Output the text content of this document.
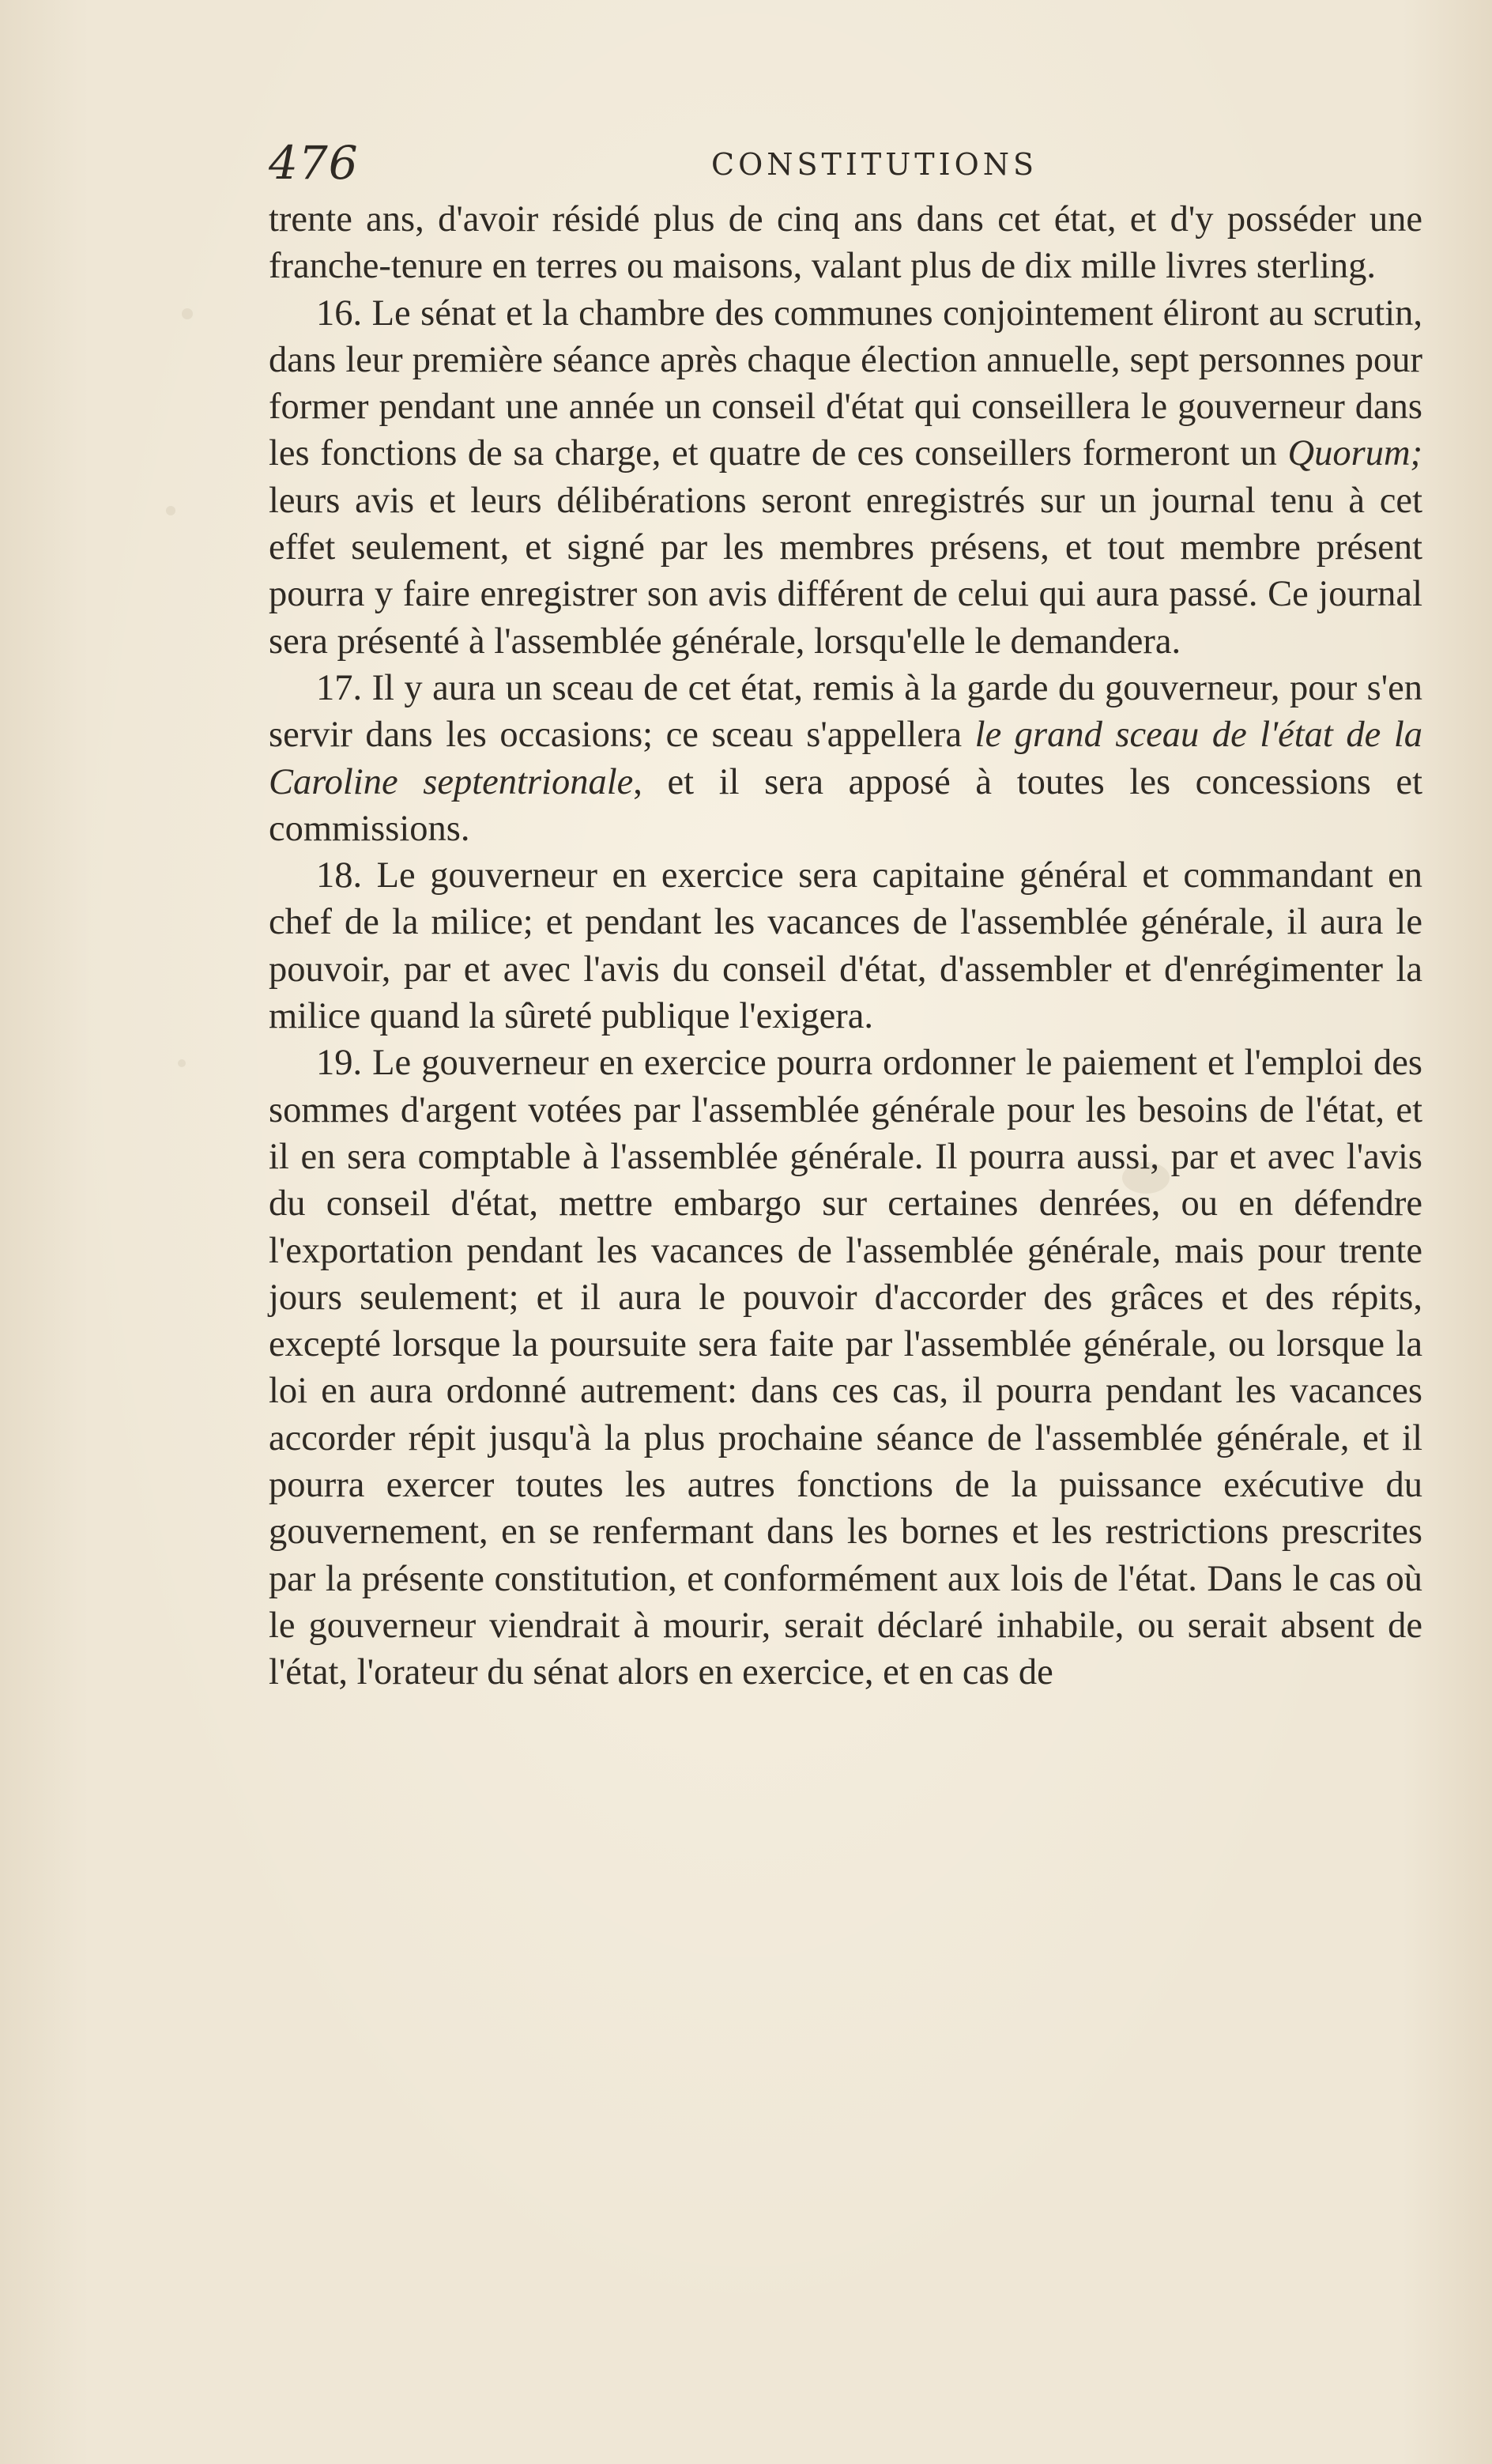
476	CONSTITUTIONS

trente ans, d'avoir résidé plus de cinq ans dans cet état, et d'y posséder une franche-tenure en terres ou maisons, valant plus de dix mille livres sterling.

16. Le sénat et la chambre des communes conjointement éliront au scrutin, dans leur première séance après chaque élection annuelle, sept personnes pour former pendant une année un conseil d'état qui conseillera le gouverneur dans les fonctions de sa charge, et quatre de ces conseillers formeront un Quorum; leurs avis et leurs délibérations seront enregistrés sur un journal tenu à cet effet seulement, et signé par les membres présens, et tout membre présent pourra y faire enregistrer son avis différent de celui qui aura passé. Ce journal sera présenté à l'assemblée générale, lorsqu'elle le demandera.

17. Il y aura un sceau de cet état, remis à la garde du gouverneur, pour s'en servir dans les occasions; ce sceau s'appellera le grand sceau de l'état de la Caroline septentrionale, et il sera apposé à toutes les concessions et commissions.

18. Le gouverneur en exercice sera capitaine général et commandant en chef de la milice; et pendant les vacances de l'assemblée générale, il aura le pouvoir, par et avec l'avis du conseil d'état, d'assembler et d'enrégimenter la milice quand la sûreté publique l'exigera.

19. Le gouverneur en exercice pourra ordonner le paiement et l'emploi des sommes d'argent votées par l'assemblée générale pour les besoins de l'état, et il en sera comptable à l'assemblée générale. Il pourra aussi, par et avec l'avis du conseil d'état, mettre embargo sur certaines denrées, ou en défendre l'exportation pendant les vacances de l'assemblée générale, mais pour trente jours seulement; et il aura le pouvoir d'accorder des grâces et des répits, excepté lorsque la poursuite sera faite par l'assemblée générale, ou lorsque la loi en aura ordonné autrement: dans ces cas, il pourra pendant les vacances accorder répit jusqu'à la plus prochaine séance de l'assemblée générale, et il pourra exercer toutes les autres fonctions de la puissance exécutive du gouvernement, en se renfermant dans les bornes et les restrictions prescrites par la présente constitution, et conformément aux lois de l'état. Dans le cas où le gouverneur viendrait à mourir, serait déclaré inhabile, ou serait absent de l'état, l'orateur du sénat alors en exercice, et en cas de
